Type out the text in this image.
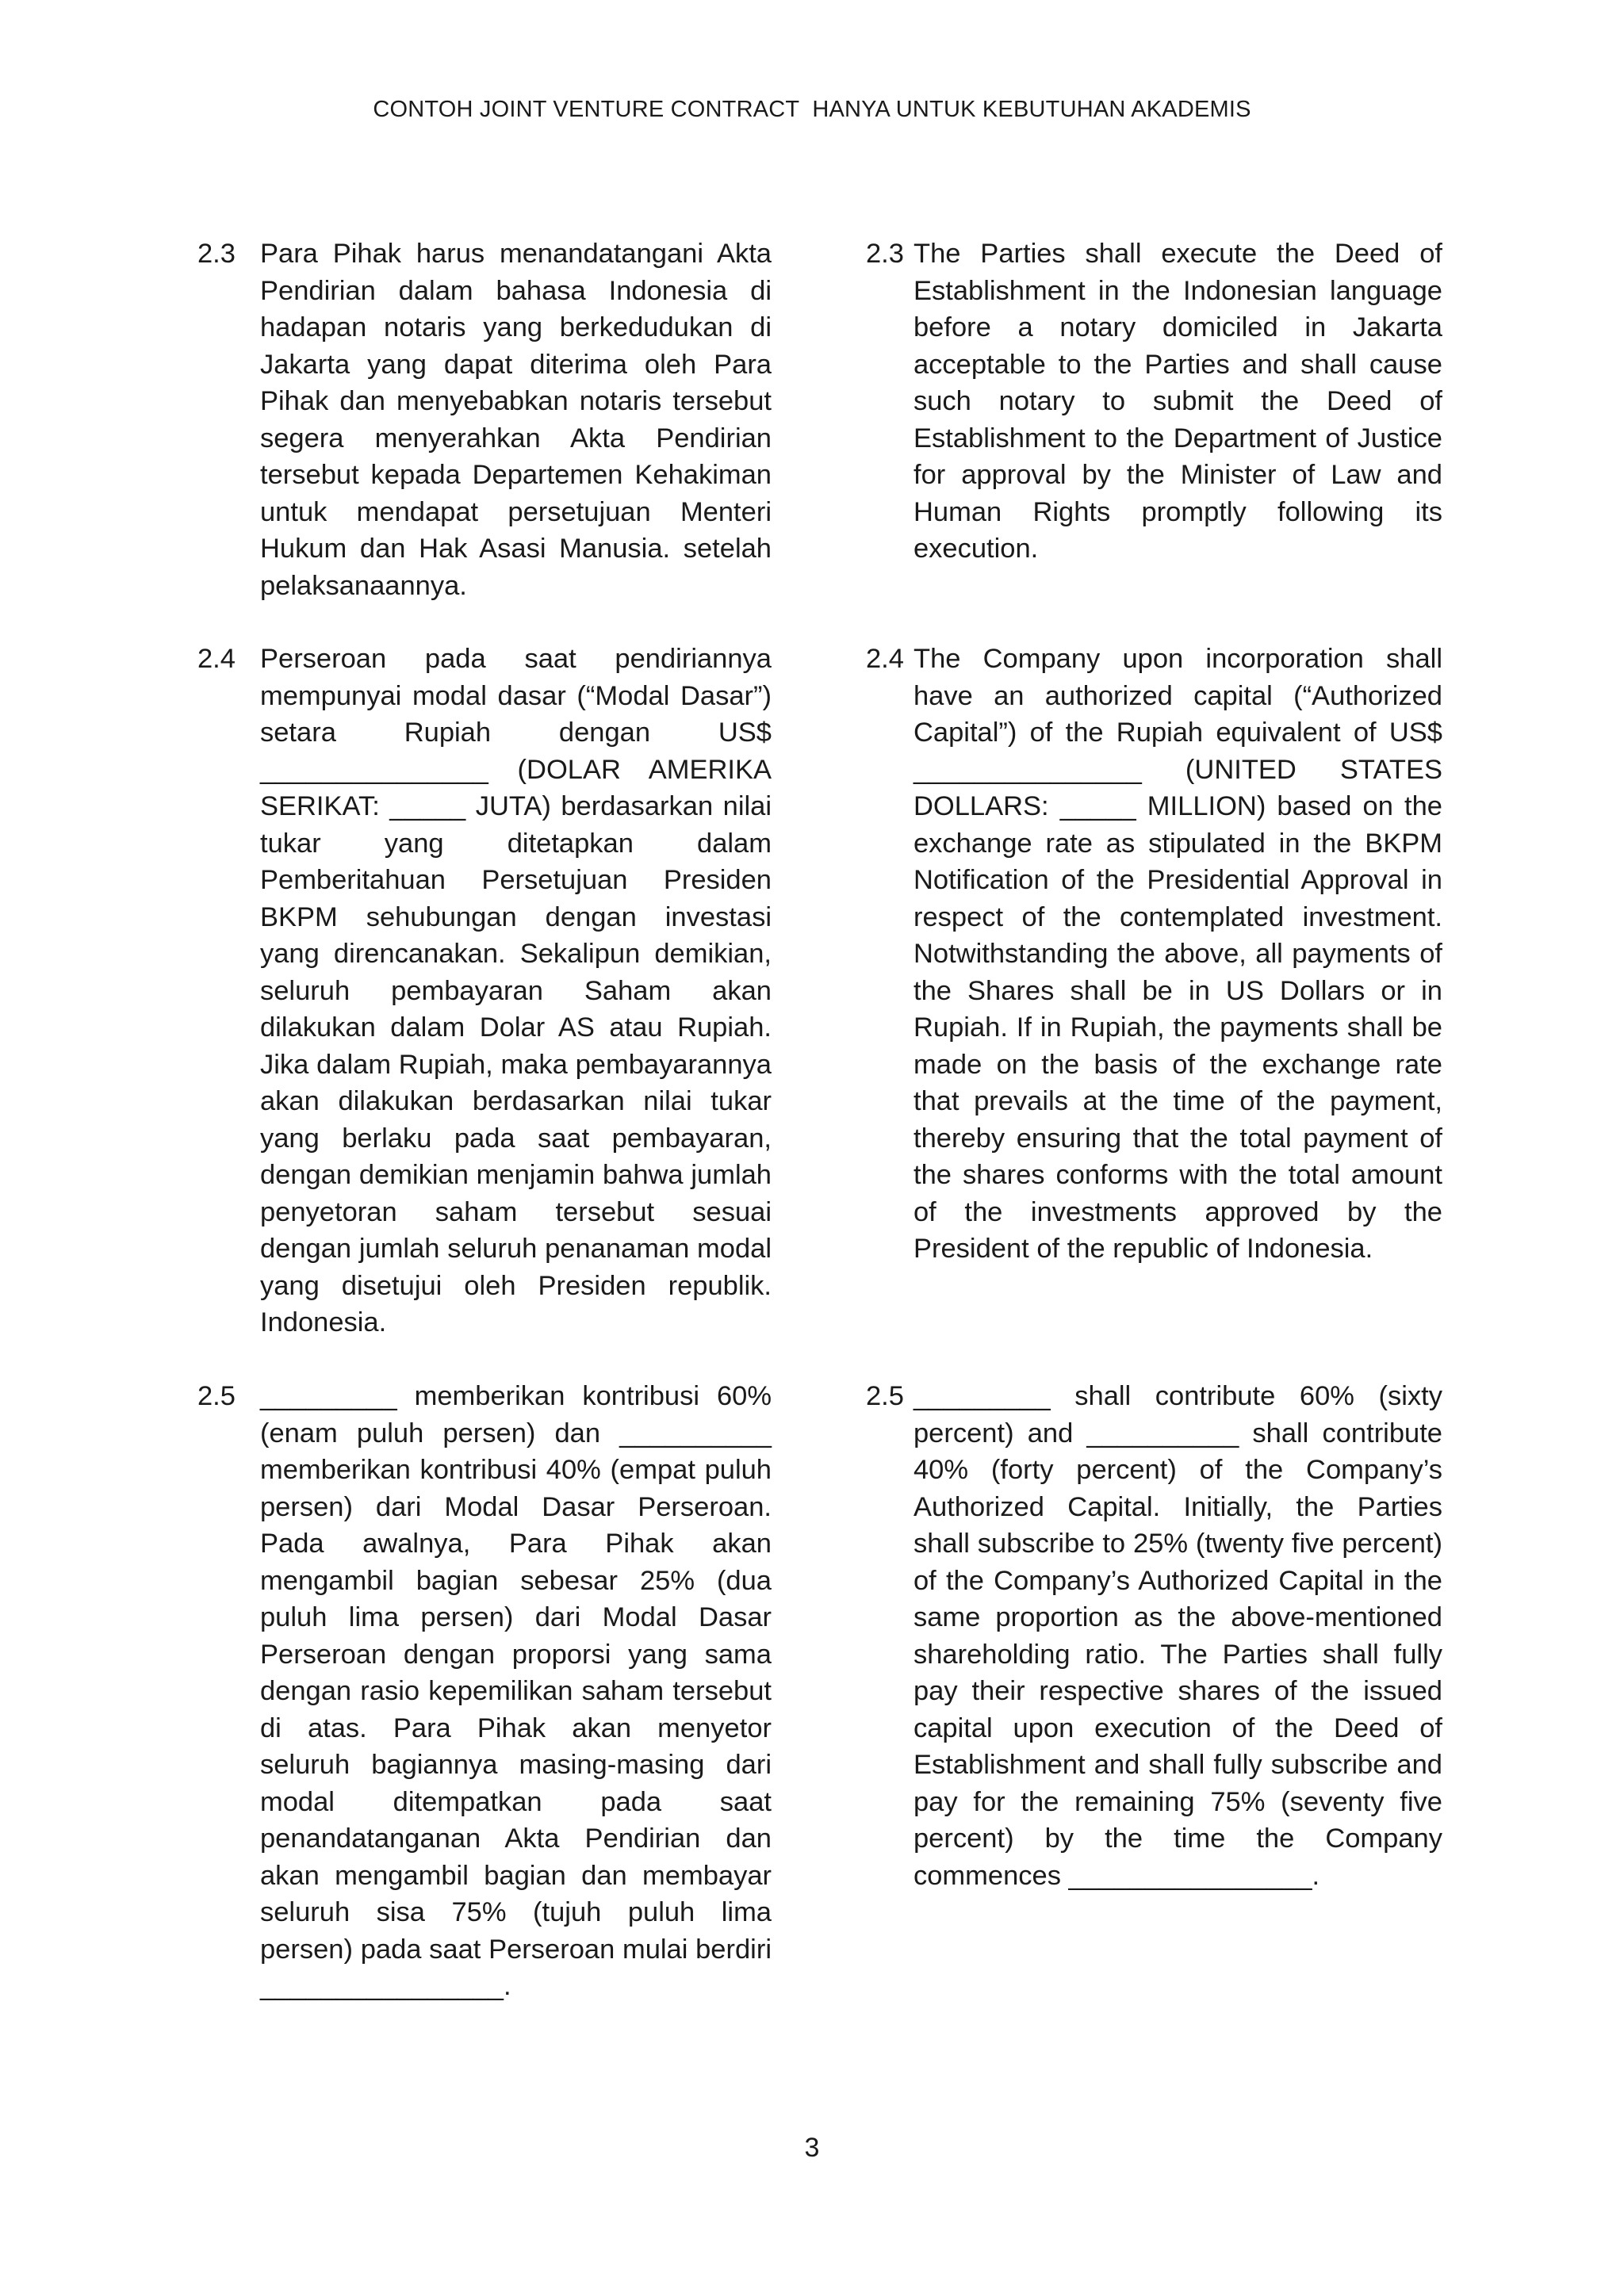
CONTOH JOINT VENTURE CONTRACT  HANYA UNTUK KEBUTUHAN AKADEMIS
2.3 Para Pihak harus menandatangani Akta Pendirian dalam bahasa Indonesia di hadapan notaris yang berkedudukan di Jakarta yang dapat diterima oleh Para Pihak dan menyebabkan notaris tersebut segera menyerahkan Akta Pendirian tersebut kepada Departemen Kehakiman untuk mendapat persetujuan Menteri Hukum dan Hak Asasi Manusia. setelah pelaksanaannya.
2.3 The Parties shall execute the Deed of Establishment in the Indonesian language before a notary domiciled in Jakarta acceptable to the Parties and shall cause such notary to submit the Deed of Establishment to the Department of Justice for approval by the Minister of Law and Human Rights promptly following its execution.
2.4 Perseroan pada saat pendiriannya mempunyai modal dasar (“Modal Dasar”) setara Rupiah dengan US$ _______________ (DOLAR AMERIKA SERIKAT: _____ JUTA) berdasarkan nilai tukar yang ditetapkan dalam Pemberitahuan Persetujuan Presiden BKPM sehubungan dengan investasi yang direncanakan. Sekalipun demikian, seluruh pembayaran Saham akan dilakukan dalam Dolar AS atau Rupiah. Jika dalam Rupiah, maka pembayarannya akan dilakukan berdasarkan nilai tukar yang berlaku pada saat pembayaran, dengan demikian menjamin bahwa jumlah penyetoran saham tersebut sesuai dengan jumlah seluruh penanaman modal yang disetujui oleh Presiden republik. Indonesia.
2.4 The Company upon incorporation shall have an authorized capital (“Authorized Capital”) of the Rupiah equivalent of US$ _______________ (UNITED STATES DOLLARS: _____ MILLION) based on the exchange rate as stipulated in the BKPM Notification of the Presidential Approval in respect of the contemplated investment. Notwithstanding the above, all payments of the Shares shall be in US Dollars or in Rupiah. If in Rupiah, the payments shall be made on the basis of the exchange rate that prevails at the time of the payment, thereby ensuring that the total payment of the shares conforms with the total amount of the investments approved by the President of the republic of Indonesia.
2.5 _________ memberikan kontribusi 60% (enam puluh persen) dan __________ memberikan kontribusi 40% (empat puluh persen) dari Modal Dasar Perseroan. Pada awalnya, Para Pihak akan mengambil bagian sebesar 25% (dua puluh lima persen) dari Modal Dasar Perseroan dengan proporsi yang sama dengan rasio kepemilikan saham tersebut di atas. Para Pihak akan menyetor seluruh bagiannya masing-masing dari modal ditempatkan pada saat penandatanganan Akta Pendirian dan akan mengambil bagian dan membayar seluruh sisa 75% (tujuh puluh lima persen) pada saat Perseroan mulai berdiri ________________.
2.5 _________ shall contribute 60% (sixty percent) and __________ shall contribute 40% (forty percent) of the Company’s Authorized Capital. Initially, the Parties shall subscribe to 25% (twenty five percent) of the Company’s Authorized Capital in the same proportion as the above-mentioned shareholding ratio. The Parties shall fully pay their respective shares of the issued capital upon execution of the Deed of Establishment and shall fully subscribe and pay for the remaining 75% (seventy five percent) by the time the Company commences ________________.
3
